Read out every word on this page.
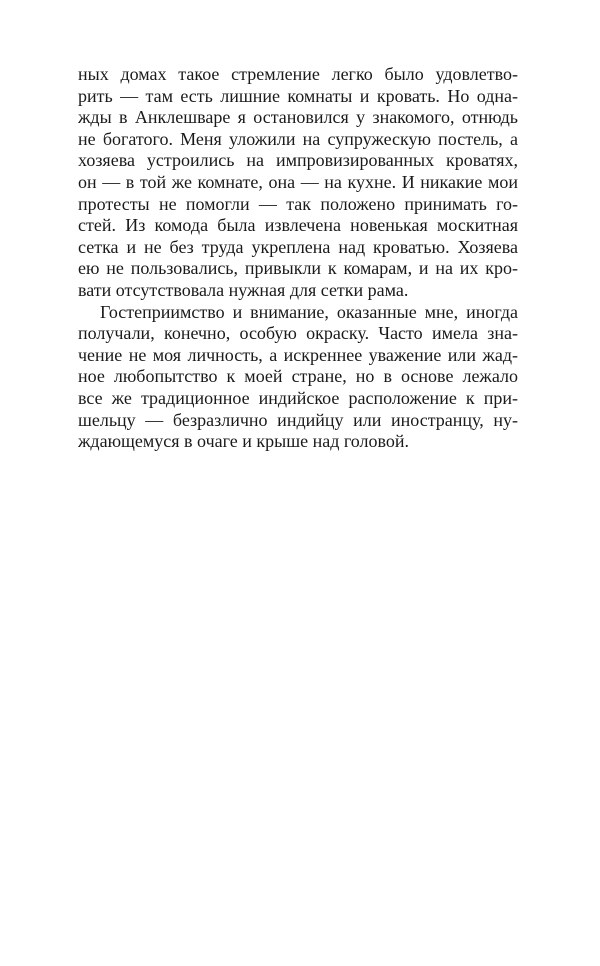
ных домах такое стремление легко было удовлетво-
рить — там есть лишние комнаты и кровать. Но однa-
жды в Анклешваре я остановился у знакомого, отнюдь
не богатого. Меня уложили на супружескую постель, а
хозяева устроились на импровизированных кроватях,
он — в той же комнате, она — на кухне. И никакие мои
протесты не помогли — так положено принимать го-
стей. Из комода была извлечена новенькая москитная
сетка и не без труда укреплена над кроватью. Хозяева
ею не пользовались, привыкли к комарам, и на их кро-
вати отсутствовала нужная для сетки рама.
Гостеприимство и внимание, оказанные мне, иногда
получали, конечно, особую окраску. Часто имела зна-
чение не моя личность, а искреннее уважение или жад-
ное любопытство к моей стране, но в основе лежало
все же традиционное индийское расположение к при-
шельцу — безразлично индийцу или иностранцу, ну-
ждающемуся в очаге и крыше над головой.
